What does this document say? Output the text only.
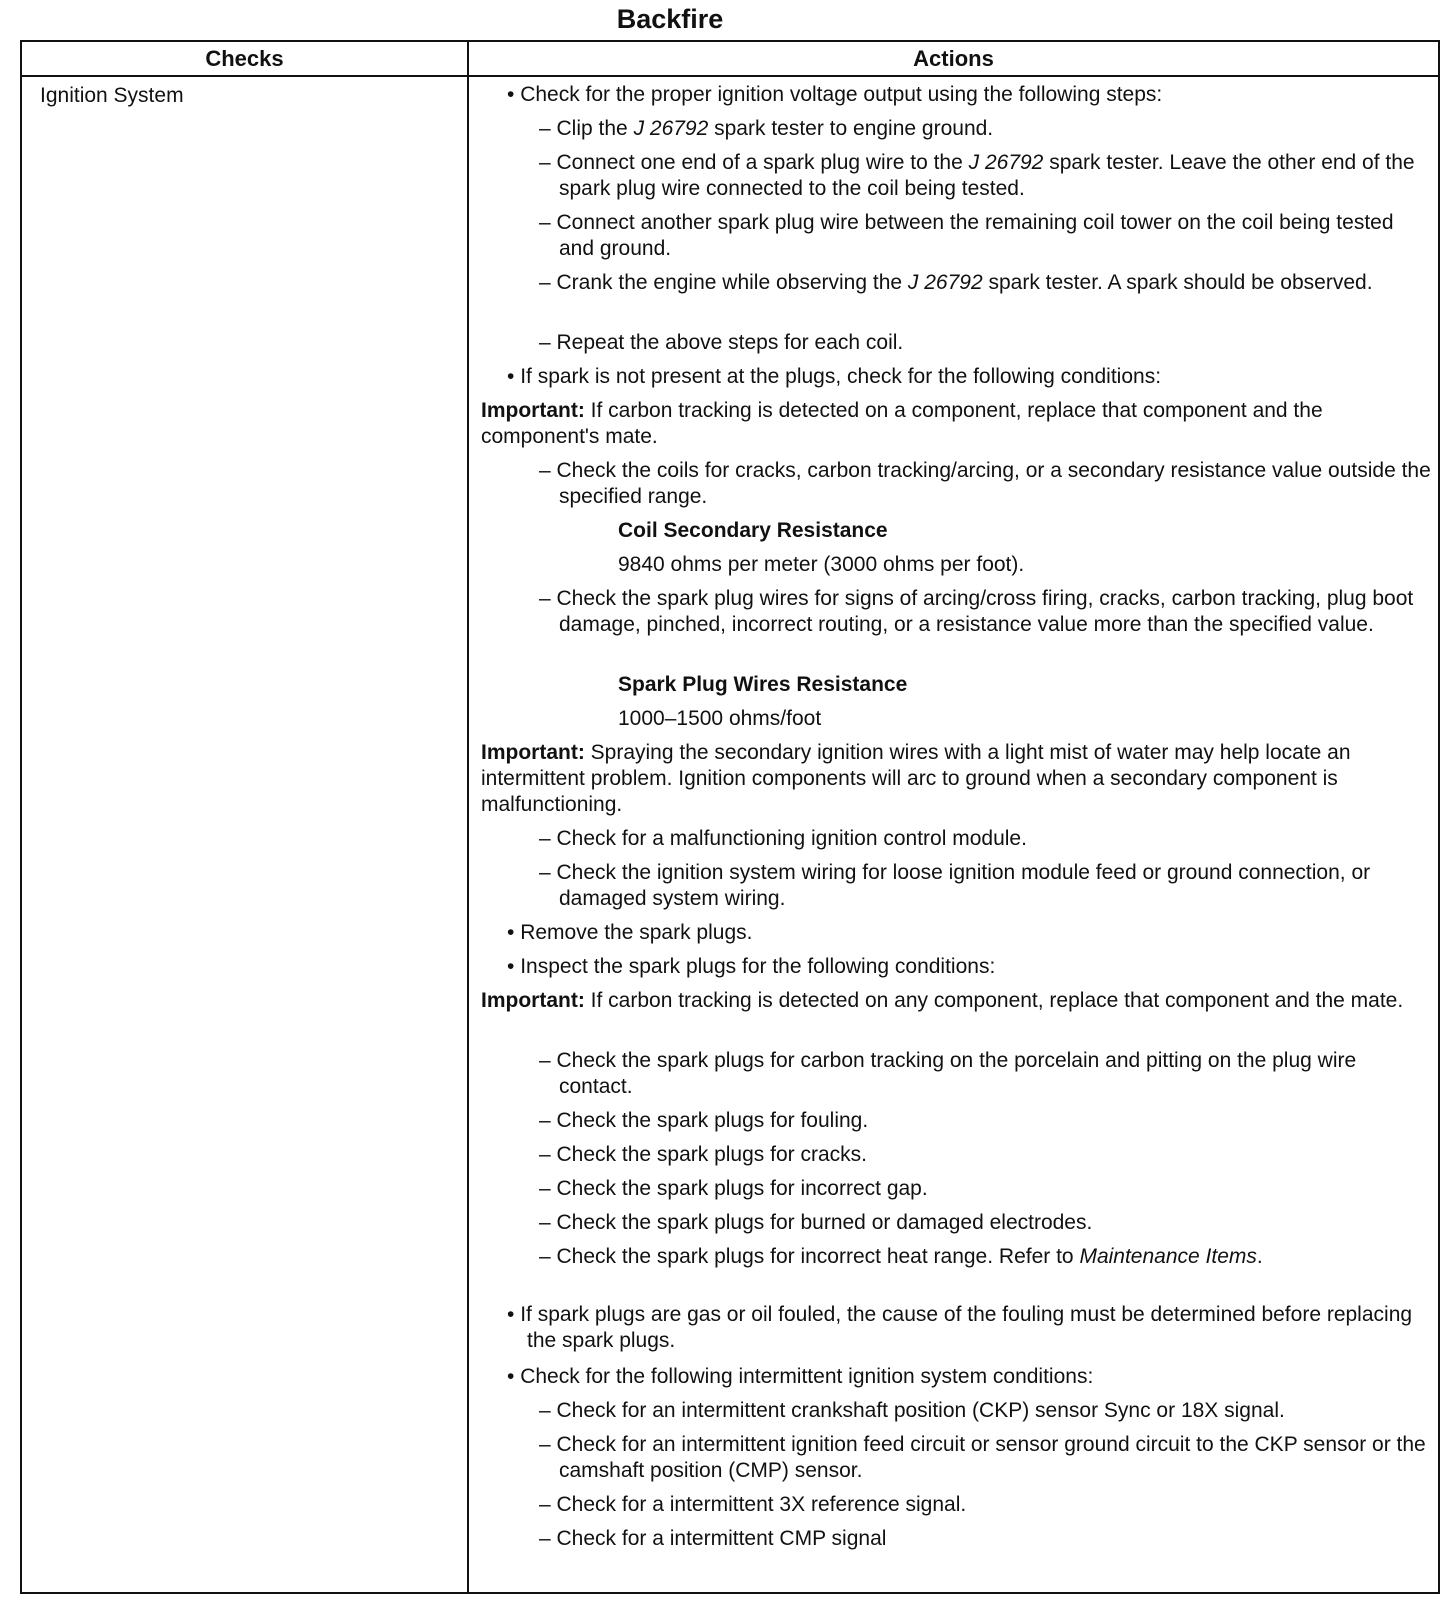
Backfire
Checks	Actions
Ignition System	• Check for the proper ignition voltage output using the following steps:
– Clip the J 26792 spark tester to engine ground.
– Connect one end of a spark plug wire to the J 26792 spark tester. Leave the other end of the spark plug wire connected to the coil being tested.
– Connect another spark plug wire between the remaining coil tower on the coil being tested and ground.
– Crank the engine while observing the J 26792 spark tester. A spark should be observed.
– Repeat the above steps for each coil.
• If spark is not present at the plugs, check for the following conditions:
Important: If carbon tracking is detected on a component, replace that component and the component's mate.
– Check the coils for cracks, carbon tracking/arcing, or a secondary resistance value outside the specified range.
Coil Secondary Resistance
9840 ohms per meter (3000 ohms per foot).
– Check the spark plug wires for signs of arcing/cross firing, cracks, carbon tracking, plug boot damage, pinched, incorrect routing, or a resistance value more than the specified value.
Spark Plug Wires Resistance
1000–1500 ohms/foot
Important: Spraying the secondary ignition wires with a light mist of water may help locate an intermittent problem. Ignition components will arc to ground when a secondary component is malfunctioning.
– Check for a malfunctioning ignition control module.
– Check the ignition system wiring for loose ignition module feed or ground connection, or damaged system wiring.
• Remove the spark plugs.
• Inspect the spark plugs for the following conditions:
Important: If carbon tracking is detected on any component, replace that component and the mate.
– Check the spark plugs for carbon tracking on the porcelain and pitting on the plug wire contact.
– Check the spark plugs for fouling.
– Check the spark plugs for cracks.
– Check the spark plugs for incorrect gap.
– Check the spark plugs for burned or damaged electrodes.
– Check the spark plugs for incorrect heat range. Refer to Maintenance Items.
• If spark plugs are gas or oil fouled, the cause of the fouling must be determined before replacing the spark plugs.
• Check for the following intermittent ignition system conditions:
– Check for an intermittent crankshaft position (CKP) sensor Sync or 18X signal.
– Check for an intermittent ignition feed circuit or sensor ground circuit to the CKP sensor or the camshaft position (CMP) sensor.
– Check for a intermittent 3X reference signal.
– Check for a intermittent CMP signal
